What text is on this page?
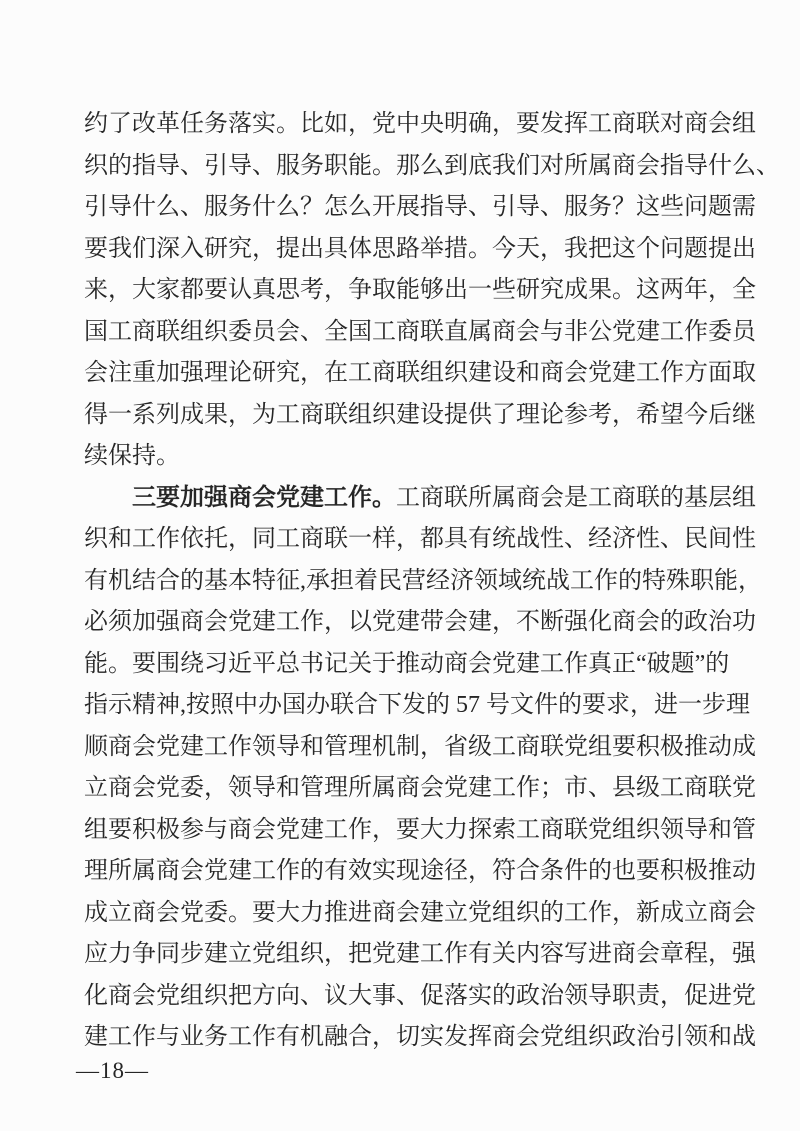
约了改革任务落实。比如，党中央明确，要发挥工商联对商会组
织的指导、引导、服务职能。那么到底我们对所属商会指导什么、
引导什么、服务什么？怎么开展指导、引导、服务？这些问题需
要我们深入研究，提出具体思路举措。今天，我把这个问题提出
来，大家都要认真思考，争取能够出一些研究成果。这两年，全
国工商联组织委员会、全国工商联直属商会与非公党建工作委员
会注重加强理论研究，在工商联组织建设和商会党建工作方面取
得一系列成果，为工商联组织建设提供了理论参考，希望今后继
续保持。
三要加强商会党建工作。工商联所属商会是工商联的基层组
织和工作依托，同工商联一样，都具有统战性、经济性、民间性
有机结合的基本特征,承担着民营经济领域统战工作的特殊职能，
必须加强商会党建工作，以党建带会建，不断强化商会的政治功
能。要围绕习近平总书记关于推动商会党建工作真正“破题”的
指示精神,按照中办国办联合下发的 57 号文件的要求，进一步理
顺商会党建工作领导和管理机制，省级工商联党组要积极推动成
立商会党委，领导和管理所属商会党建工作；市、县级工商联党
组要积极参与商会党建工作，要大力探索工商联党组织领导和管
理所属商会党建工作的有效实现途径，符合条件的也要积极推动
成立商会党委。要大力推进商会建立党组织的工作，新成立商会
应力争同步建立党组织，把党建工作有关内容写进商会章程，强
化商会党组织把方向、议大事、促落实的政治领导职责，促进党
建工作与业务工作有机融合，切实发挥商会党组织政治引领和战
—18—
